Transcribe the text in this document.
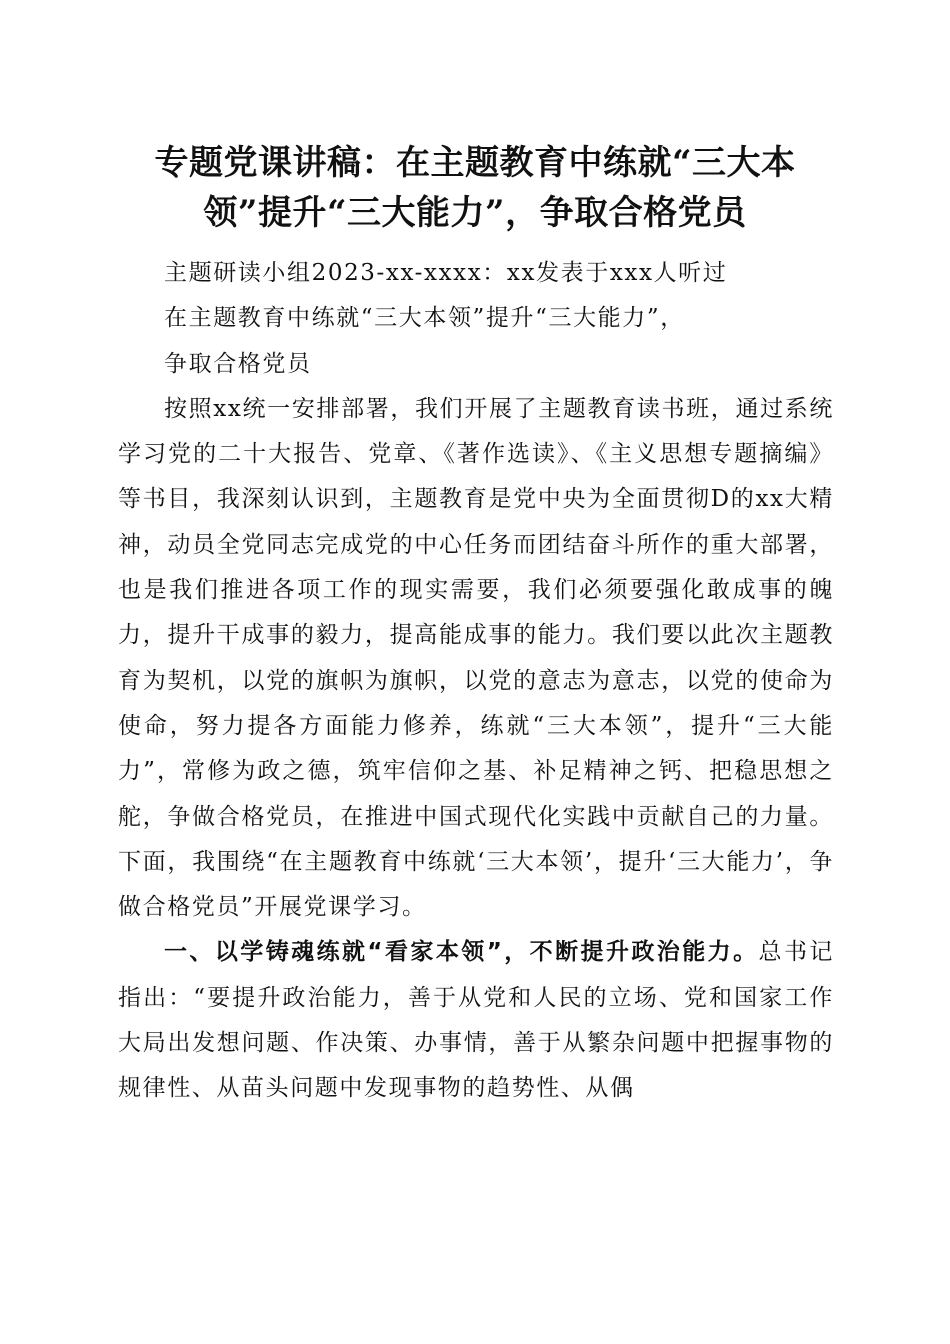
专题党课讲稿：在主题教育中练就“三大本
领”提升“三大能力”，争取合格党员

主题研读小组2023-xx-xxxx：xx发表于xxx人听过

在主题教育中练就“三大本领”提升“三大能力”，

争取合格党员

按照xx统一安排部署，我们开展了主题教育读书班，通过系统学习党的二十大报告、党章、《著作选读》、《主义思想专题摘编》等书目，我深刻认识到，主题教育是党中央为全面贯彻D的xx大精神，动员全党同志完成党的中心任务而团结奋斗所作的重大部署，也是我们推进各项工作的现实需要，我们必须要强化敢成事的魄力，提升干成事的毅力，提高能成事的能力。我们要以此次主题教育为契机，以党的旗帜为旗帜，以党的意志为意志，以党的使命为使命，努力提各方面能力修养，练就“三大本领”，提升“三大能力”，常修为政之德，筑牢信仰之基、补足精神之钙、把稳思想之舵，争做合格党员，在推进中国式现代化实践中贡献自己的力量。下面，我围绕“在主题教育中练就‘三大本领’，提升‘三大能力’，争做合格党员”开展党课学习。

一、以学铸魂练就“看家本领”，不断提升政治能力。总书记指出：“要提升政治能力，善于从党和人民的立场、党和国家工作大局出发想问题、作决策、办事情，善于从繁杂问题中把握事物的规律性、从苗头问题中发现事物的趋势性、从偶
